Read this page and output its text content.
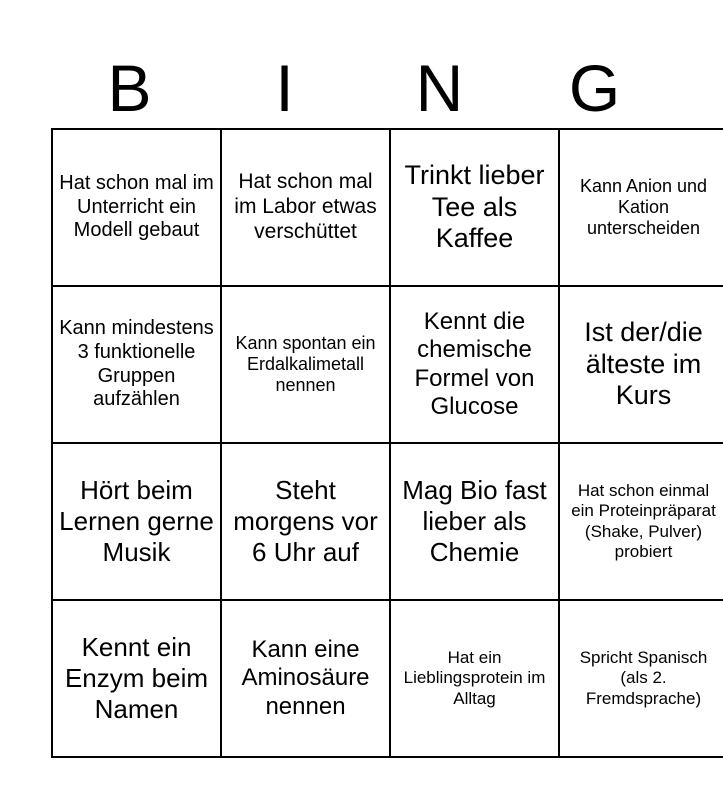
B	I	N	G
Hat schon mal im Unterricht ein Modell gebaut	Hat schon mal im Labor etwas verschüttet	Trinkt lieber Tee als Kaffee	Kann Anion und Kation unterscheiden
Kann mindestens 3 funktionelle Gruppen aufzählen	Kann spontan ein Erdalkalimetall nennen	Kennt die chemische Formel von Glucose	Ist der/die älteste im Kurs
Hört beim Lernen gerne Musik	Steht morgens vor 6 Uhr auf	Mag Bio fast lieber als Chemie	Hat schon einmal ein Proteinpräparat (Shake, Pulver) probiert
Kennt ein Enzym beim Namen	Kann eine Aminosäure nennen	Hat ein Lieblingsprotein im Alltag	Spricht Spanisch (als 2. Fremdsprache)
